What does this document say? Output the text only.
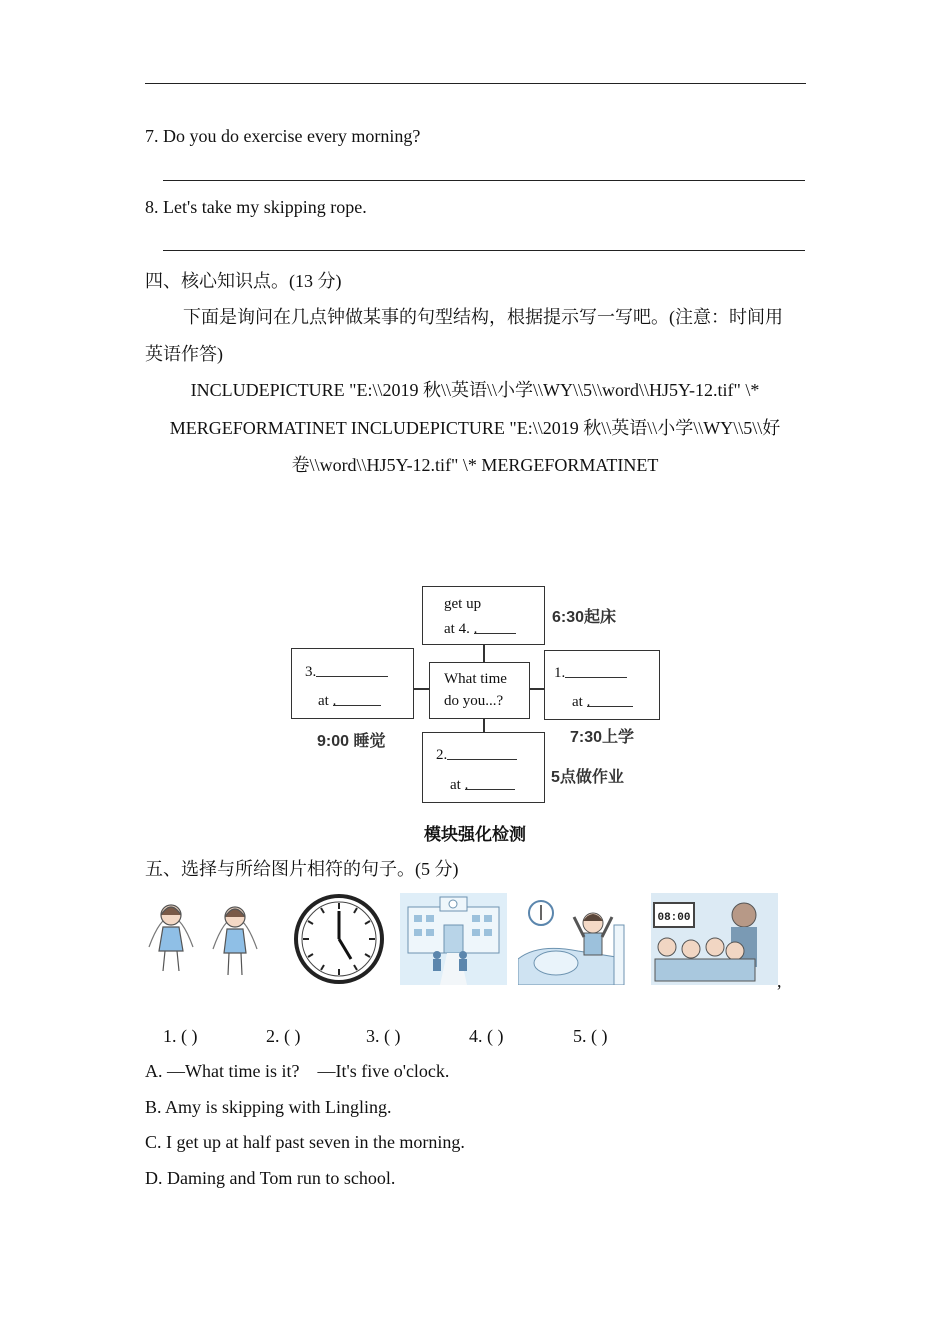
7. Do you do exercise every morning?
8. Let's take my skipping rope.
四、核心知识点。(13 分)
下面是询问在几点钟做某事的句型结构，根据提示写一写吧。(注意：时间用
英语作答)
INCLUDEPICTURE "E:\\2019 秋\\英语\\小学\\WY\\5\\word\\HJ5Y-12.tif" \*
MERGEFORMATINET INCLUDEPICTURE "E:\\2019 秋\\英语\\小学\\WY\\5\\好
卷\\word\\HJ5Y-12.tif" \* MERGEFORMATINET
What time
do you...?
get up
at 4. .
6:30起床
1.
at .
7:30上学
2.
at .	5点做作业
3.
at .
9:00 睡觉
模块强化检测
五、选择与所给图片相符的句子。(5 分)
08:00
,
1. ( )	2. ( )	3. ( )	4. ( )	5. ( )
A. —What time is it?    —It's five o'clock.
B. Amy is skipping with Lingling.
C. I get up at half past seven in the morning.
D. Daming and Tom run to school.
